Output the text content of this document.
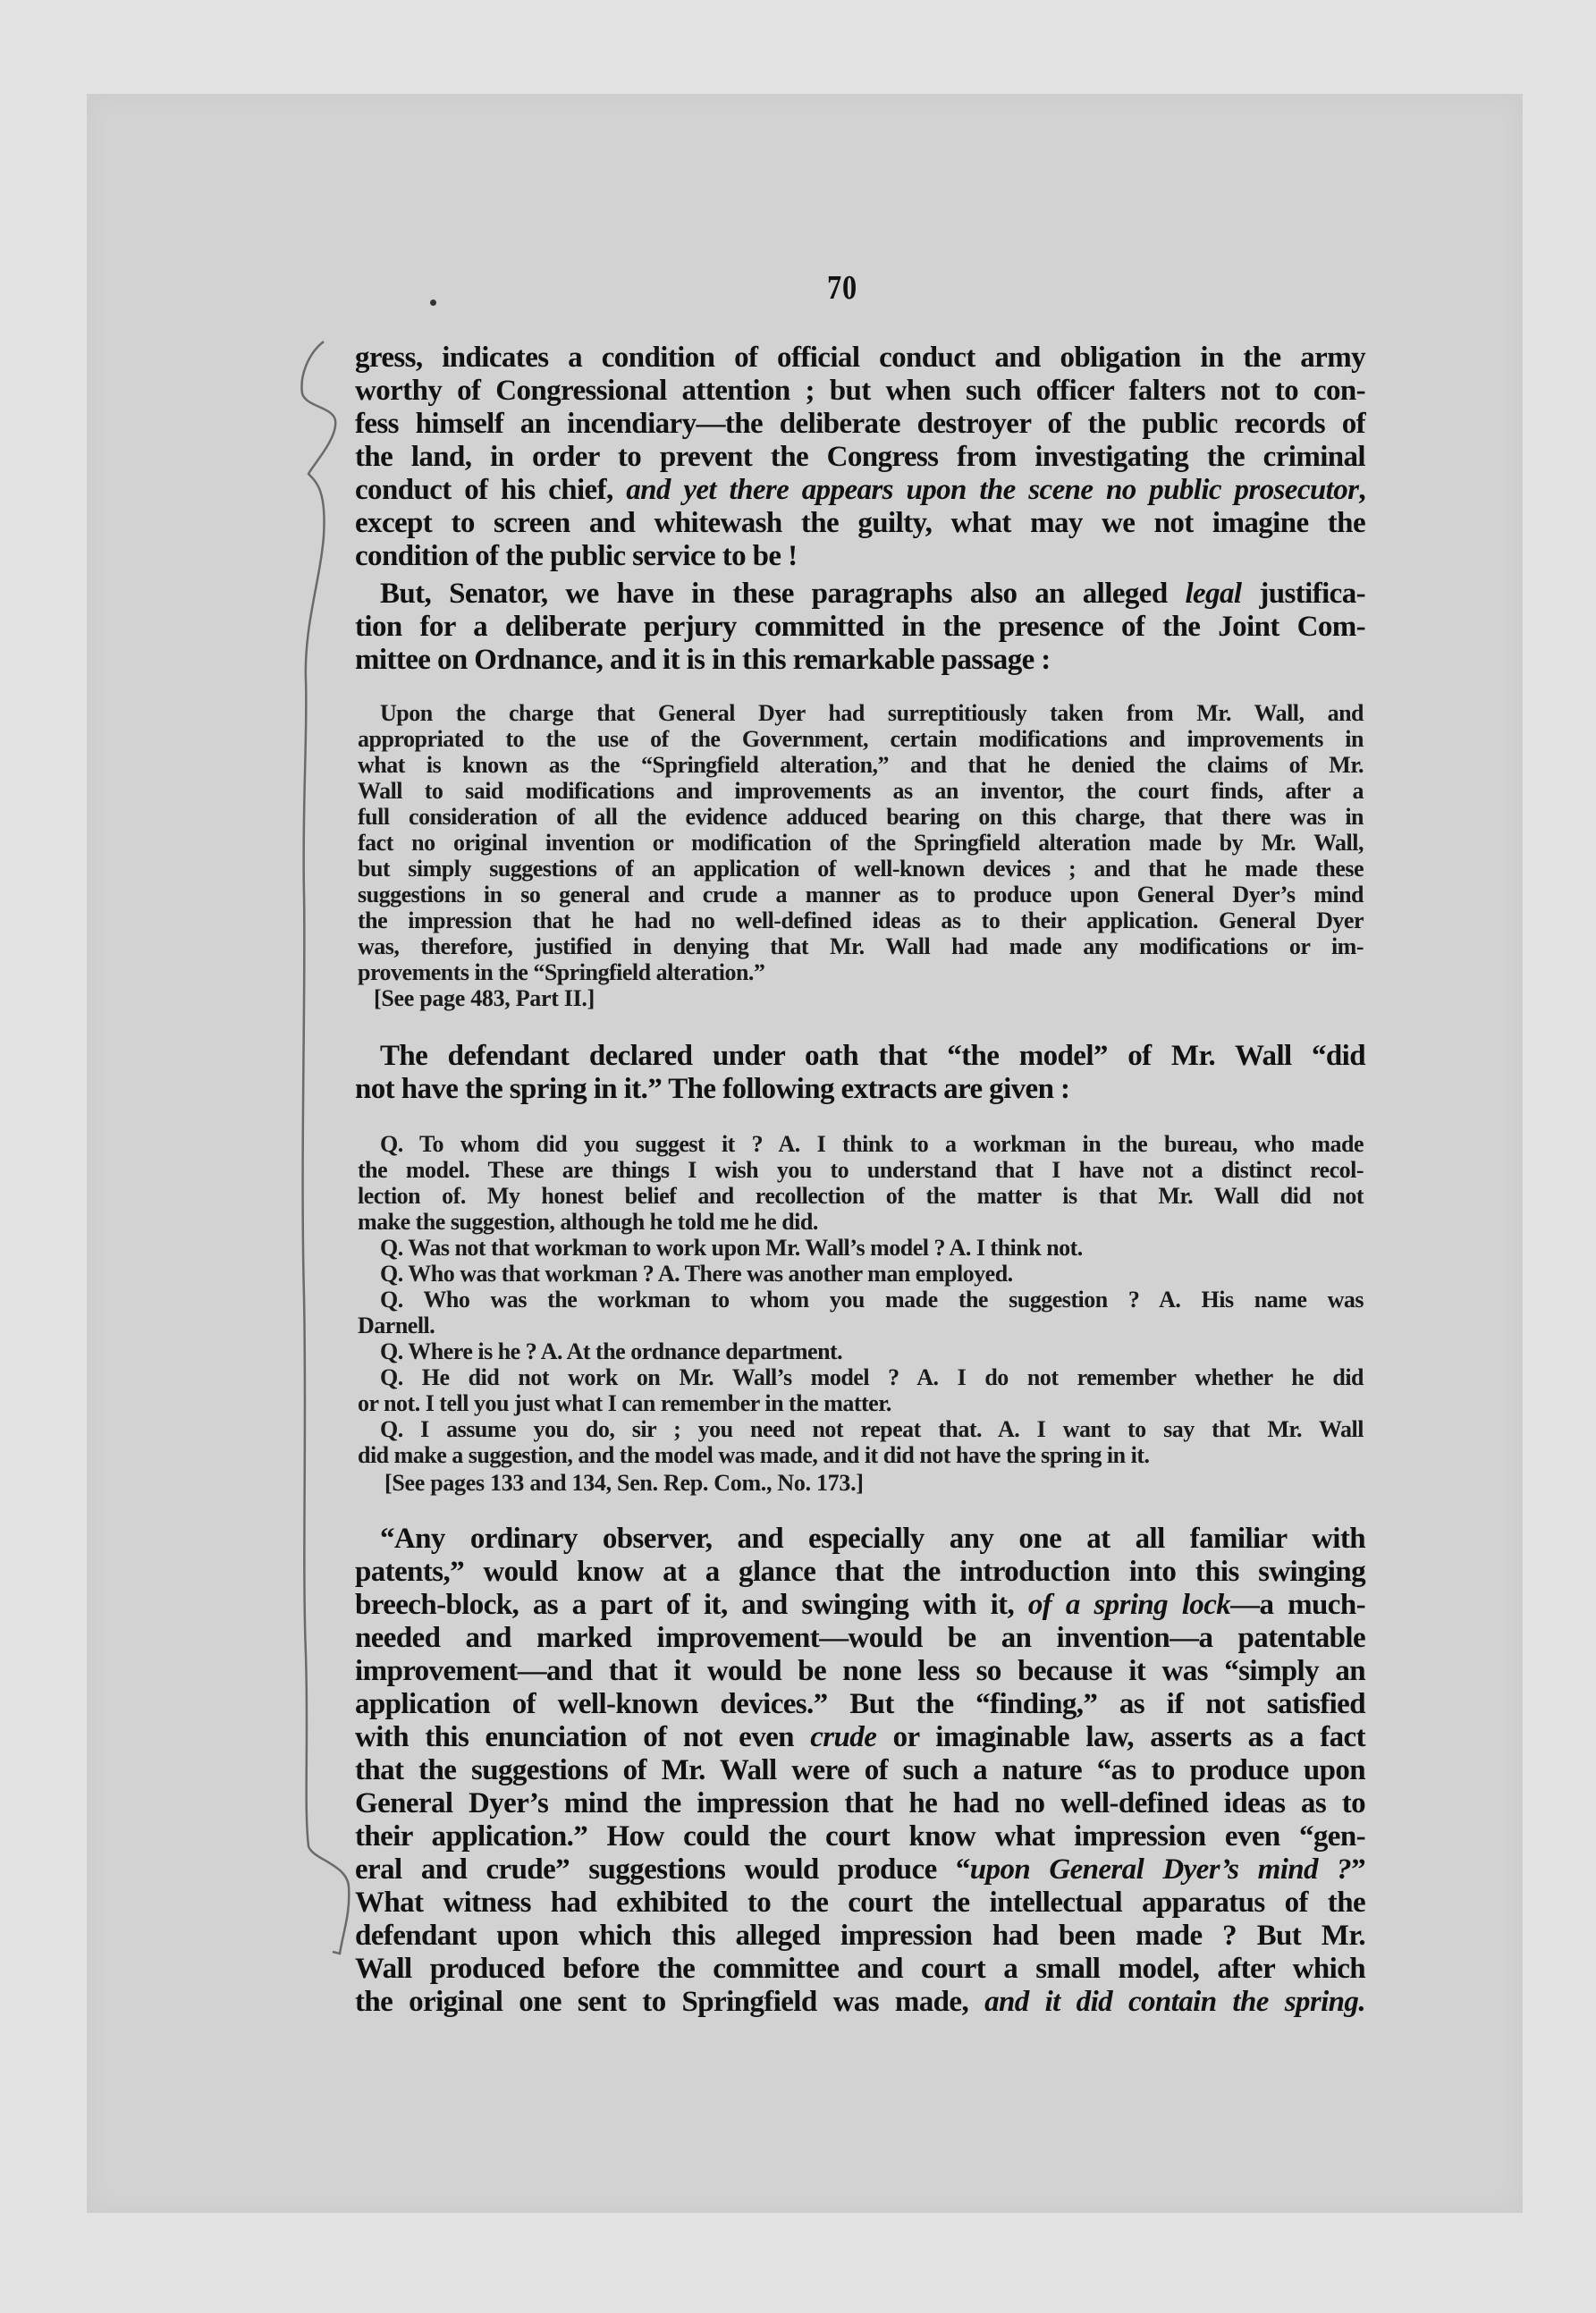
70
gress, indicates a condition of official conduct and obligation in the army
worthy of Congressional attention ; but when such officer falters not to con-
fess himself an incendiary—the deliberate destroyer of the public records of
the land, in order to prevent the Congress from investigating the criminal
conduct of his chief, and yet there appears upon the scene no public prosecutor,
except to screen and whitewash the guilty, what may we not imagine the
condition of the public service to be !
But, Senator, we have in these paragraphs also an alleged legal justifica-
tion for a deliberate perjury committed in the presence of the Joint Com-
mittee on Ordnance, and it is in this remarkable passage :
Upon the charge that General Dyer had surreptitiously taken from Mr. Wall, and
appropriated to the use of the Government, certain modifications and improvements in
what is known as the “Springfield alteration,” and that he denied the claims of Mr.
Wall to said modifications and improvements as an inventor, the court finds, after a
full consideration of all the evidence adduced bearing on this charge, that there was in
fact no original invention or modification of the Springfield alteration made by Mr. Wall,
but simply suggestions of an application of well-known devices ; and that he made these
suggestions in so general and crude a manner as to produce upon General Dyer’s mind
the impression that he had no well-defined ideas as to their application. General Dyer
was, therefore, justified in denying that Mr. Wall had made any modifications or im-
provements in the “Springfield alteration.”
[See page 483, Part II.]
The defendant declared under oath that “the model” of Mr. Wall “did
not have the spring in it.” The following extracts are given :
Q. To whom did you suggest it ? A. I think to a workman in the bureau, who made
the model. These are things I wish you to understand that I have not a distinct recol-
lection of. My honest belief and recollection of the matter is that Mr. Wall did not
make the suggestion, although he told me he did.
Q. Was not that workman to work upon Mr. Wall’s model ? A. I think not.
Q. Who was that workman ? A. There was another man employed.
Q. Who was the workman to whom you made the suggestion ? A. His name was
Darnell.
Q. Where is he ? A. At the ordnance department.
Q. He did not work on Mr. Wall’s model ? A. I do not remember whether he did
or not. I tell you just what I can remember in the matter.
Q. I assume you do, sir ; you need not repeat that. A. I want to say that Mr. Wall
did make a suggestion, and the model was made, and it did not have the spring in it.
[See pages 133 and 134, Sen. Rep. Com., No. 173.]
“Any ordinary observer, and especially any one at all familiar with
patents,” would know at a glance that the introduction into this swinging
breech-block, as a part of it, and swinging with it, of a spring lock—a much-
needed and marked improvement—would be an invention—a patentable
improvement—and that it would be none less so because it was “simply an
application of well-known devices.” But the “finding,” as if not satisfied
with this enunciation of not even crude or imaginable law, asserts as a fact
that the suggestions of Mr. Wall were of such a nature “as to produce upon
General Dyer’s mind the impression that he had no well-defined ideas as to
their application.” How could the court know what impression even “gen-
eral and crude” suggestions would produce “upon General Dyer’s mind ?”
What witness had exhibited to the court the intellectual apparatus of the
defendant upon which this alleged impression had been made ? But Mr.
Wall produced before the committee and court a small model, after which
the original one sent to Springfield was made, and it did contain the spring.
